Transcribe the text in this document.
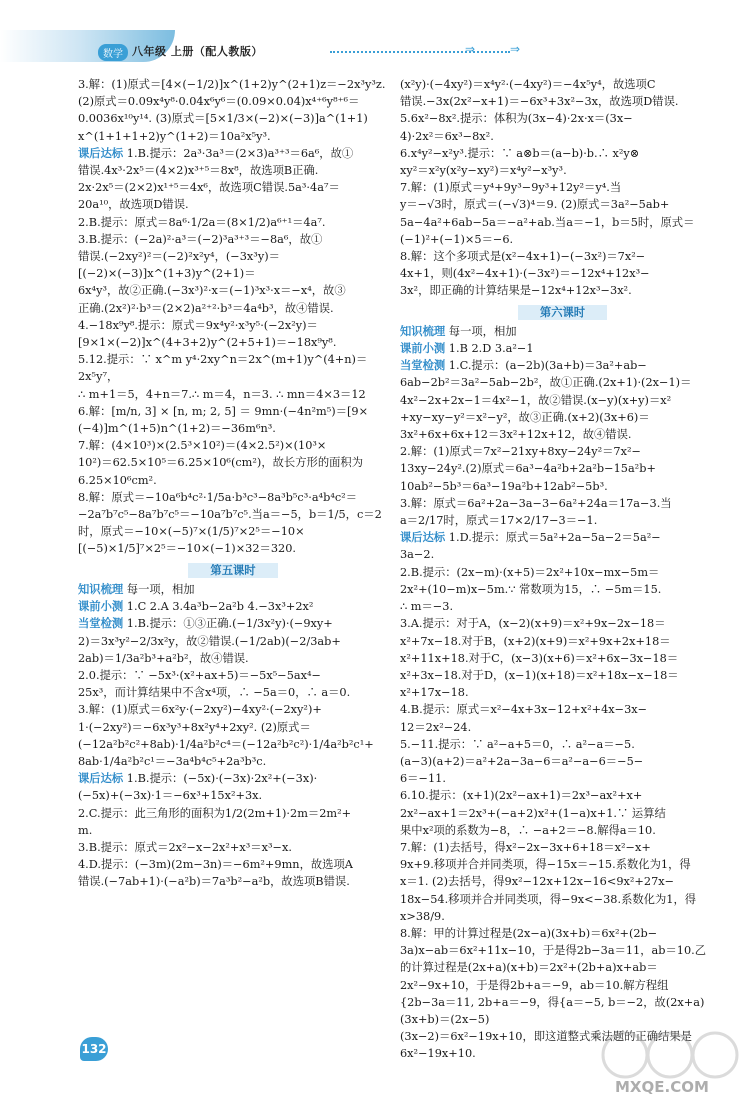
数学 八年级 上册（配人教版）	⇒	⇒

3.解：(1)原式＝[4×(−1/2)]x^(1+2)y^(2+1)z＝−2x³y³z.

(2)原式＝0.09x⁴y⁸·0.04x⁶y⁶＝(0.09×0.04)x⁴⁺⁶y⁸⁺⁶＝

0.0036x¹⁰y¹⁴. (3)原式＝[5×1/3×(−2)×(−3)]a^(1+1)

x^(1+1+1+2)y^(1+2)＝10a²x⁵y³.

课后达标 1.B.提示：2a³·3a³＝(2×3)a³⁺³＝6a⁶，故①

错误.4x³·2x⁵＝(4×2)x³⁺⁵＝8x⁸，故选项B正确.

2x·2x⁵＝(2×2)x¹⁺⁵＝4x⁶，故选项C错误.5a³·4a⁷＝

20a¹⁰，故选项D错误.

2.B.提示：原式＝8a⁶·1/2a＝(8×1/2)a⁶⁺¹＝4a⁷.

3.B.提示：(−2a)²·a³＝(−2)³a³⁺³＝−8a⁶，故①

错误.(−2xy²)²＝(−2)²x²y⁴，(−3x³y)＝[(−2)×(−3)]x^(1+3)y^(2+1)＝

6x⁴y³，故②正确.(−3x³)²·x＝(−1)³x³·x＝−x⁴，故③

正确.(2x²)²·b³＝(2×2)a²⁺²·b³＝4a⁴b³，故④错误.

4.−18x⁹y⁸.提示：原式＝9x⁴y²·x³y⁵·(−2x²y)＝

[9×1×(−2)]x^(4+3+2)y^(2+5+1)＝−18x⁹y⁸.

5.12.提示：∵ x^m y⁴·2xy^n＝2x^(m+1)y^(4+n)＝2x⁵y⁷，

∴ m+1＝5，4+n＝7.∴ m＝4，n＝3. ∴ mn＝4×3＝12

6.解：[m/n, 3] × [n, m; 2, 5] ＝ 9mn·(−4n²m⁵)＝[9×

(−4)]m^(1+5)n^(1+2)＝−36m⁶n³.

7.解：(4×10³)×(2.5³×10²)＝(4×2.5²)×(10³×

10²)＝62.5×10⁵＝6.25×10⁶(cm²)，故长方形的面积为

6.25×10⁶cm².

8.解：原式＝−10a⁶b⁴c²·1/5a·b³c³−8a³b⁵c³·a⁴b⁴c²＝

−2a⁷b⁷c⁵−8a⁷b⁷c⁵＝−10a⁷b⁷c⁵.当a＝−5，b＝1/5，c＝2

时，原式＝−10×(−5)⁷×(1/5)⁷×2⁵＝−10×

[(−5)×1/5]⁷×2⁵＝−10×(−1)×32＝320.

第五课时

知识梳理 每一项，相加

课前小测 1.C 2.A 3.4a³b−2a²b 4.−3x³+2x²

当堂检测 1.B.提示：①③正确.(−1/3x²y)·(−9xy+

2)＝3x³y²−2/3x²y，故②错误.(−1/2ab)(−2/3ab+

2ab)＝1/3a²b³+a²b²，故④错误.

2.0.提示：∵ −5x³·(x²+ax+5)＝−5x⁵−5ax⁴−

25x³，而计算结果中不含x⁴项，∴ −5a＝0，∴ a＝0.

3.解：(1)原式＝6x²y·(−2xy²)−4xy²·(−2xy²)+

1·(−2xy²)＝−6x³y³+8x²y⁴+2xy². (2)原式＝

(−12a²b²c²+8ab)·1/4a²b²c⁴＝(−12a²b²c²)·1/4a²b²c¹+

8ab·1/4a²b²c¹＝−3a⁴b⁴c⁵+2a³b³c.

课后达标 1.B.提示：(−5x)·(−3x)·2x²+(−3x)·

(−5x)+(−3x)·1＝−6x³+15x²+3x.

2.C.提示：此三角形的面积为1/2(2m+1)·2m＝2m²+

m.

3.B.提示：原式＝2x²−x−2x²+x³＝x³−x.

4.D.提示：(−3m)(2m−3n)＝−6m²+9mn，故选项A

错误.(−7ab+1)·(−a²b)＝7a³b²−a²b，故选项B错误.

(x²y)·(−4xy²)＝x⁴y²·(−4xy²)＝−4x⁵y⁴，故选项C

错误.−3x(2x²−x+1)＝−6x³+3x²−3x，故选项D错误.

5.6x²−8x².提示：体积为(3x−4)·2x·x＝(3x−

4)·2x²＝6x³−8x².

6.x⁴y²−x²y³.提示：∵ a⊗b＝(a−b)·b.∴ x²y⊗

xy²＝x²y(x²y−xy²)＝x⁴y²−x³y³.

7.解：(1)原式＝y⁴+9y³−9y³+12y²＝y⁴.当

y＝−√3时，原式＝(−√3)⁴＝9. (2)原式＝3a²−5ab+

5a−4a²+6ab−5a＝−a²+ab.当a＝−1，b＝5时，原式＝

(−1)²+(−1)×5＝−6.

8.解：这个多项式是(x²−4x+1)−(−3x²)＝7x²−

4x+1，则(4x²−4x+1)·(−3x²)＝−12x⁴+12x³−

3x²，即正确的计算结果是−12x⁴+12x³−3x².

第六课时

知识梳理 每一项，相加

课前小测 1.B 2.D 3.a²−1

当堂检测 1.C.提示：(a−2b)(3a+b)＝3a²+ab−

6ab−2b²＝3a²−5ab−2b²，故①正确.(2x+1)·(2x−1)＝

4x²−2x+2x−1＝4x²−1，故②错误.(x−y)(x+y)＝x²

+xy−xy−y²＝x²−y²，故③正确.(x+2)(3x+6)＝

3x²+6x+6x+12＝3x²+12x+12，故④错误.

2.解：(1)原式＝7x²−21xy+8xy−24y²＝7x²−

13xy−24y².(2)原式＝6a³−4a²b+2a²b−15a²b+

10ab²−5b³＝6a³−19a²b+12ab²−5b³.

3.解：原式＝6a²+2a−3a−3−6a²+24a＝17a−3.当

a＝2/17时，原式＝17×2/17−3＝−1.

课后达标 1.D.提示：原式＝5a²+2a−5a−2＝5a²−

3a−2.

2.B.提示：(2x−m)·(x+5)＝2x²+10x−mx−5m＝

2x²+(10−m)x−5m.∵ 常数项为15，∴ −5m＝15.

∴ m＝−3.

3.A.提示：对于A，(x−2)(x+9)＝x²+9x−2x−18＝

x²+7x−18.对于B，(x+2)(x+9)＝x²+9x+2x+18＝

x²+11x+18.对于C，(x−3)(x+6)＝x²+6x−3x−18＝

x²+3x−18.对于D，(x−1)(x+18)＝x²+18x−x−18＝

x²+17x−18.

4.B.提示：原式＝x²−4x+3x−12+x²+4x−3x−

12＝2x²−24.

5.−11.提示：∵ a²−a+5＝0，∴ a²−a＝−5.

(a−3)(a+2)＝a²+2a−3a−6＝a²−a−6＝−5−

6＝−11.

6.10.提示：(x+1)(2x²−ax+1)＝2x³−ax²+x+

2x²−ax+1＝2x³+(−a+2)x²+(1−a)x+1.∵ 运算结

果中x²项的系数为−8，∴ −a+2＝−8.解得a＝10.

7.解：(1)去括号，得x²−2x−3x+6+18＝x²−x+

9x+9.移项并合并同类项，得−15x＝−15.系数化为1，得

x＝1. (2)去括号，得9x²−12x+12x−16<9x²+27x−

18x−54.移项并合并同类项，得−9x<−38.系数化为1，得

x>38/9.

8.解：甲的计算过程是(2x−a)(3x+b)＝6x²+(2b−

3a)x−ab＝6x²+11x−10，于是得2b−3a＝11，ab＝10.乙

的计算过程是(2x+a)(x+b)＝2x²+(2b+a)x+ab＝

2x²−9x+10，于是得2b+a＝−9，ab＝10.解方程组

{2b−3a＝11, 2b+a＝−9，得{a＝−5, b＝−2，故(2x+a)(3x+b)＝(2x−5)

(3x−2)＝6x²−19x+10，即这道整式乘法题的正确结果是

6x²−19x+10.

132
MXQE.COM
